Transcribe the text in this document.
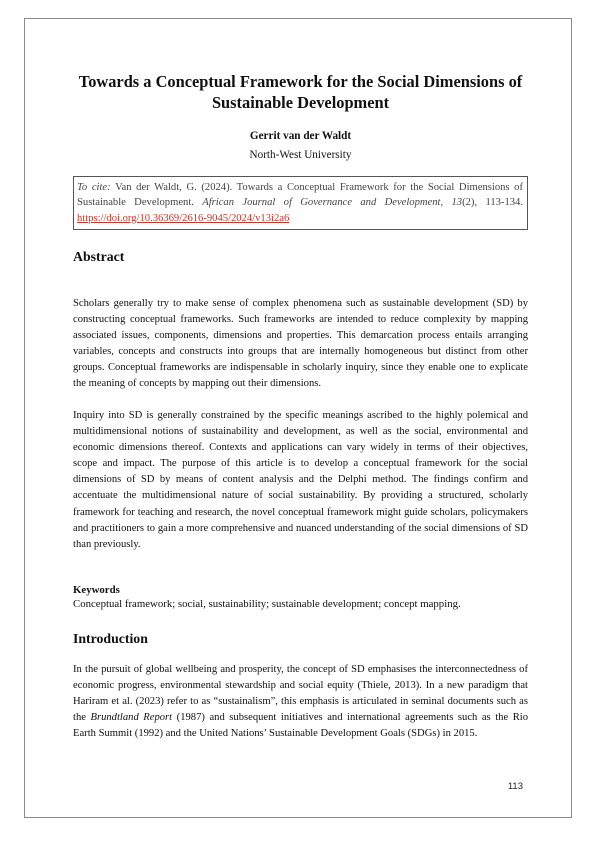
Towards a Conceptual Framework for the Social Dimensions of Sustainable Development
Gerrit van der Waldt
North-West University
To cite: Van der Waldt, G. (2024). Towards a Conceptual Framework for the Social Dimensions of Sustainable Development. African Journal of Governance and Development, 13(2), 113-134. https://doi.org/10.36369/2616-9045/2024/v13i2a6
Abstract
Scholars generally try to make sense of complex phenomena such as sustainable development (SD) by constructing conceptual frameworks. Such frameworks are intended to reduce complexity by mapping associated issues, components, dimensions and properties. This demarcation process entails arranging variables, concepts and constructs into groups that are internally homogeneous but distinct from other groups. Conceptual frameworks are indispensable in scholarly inquiry, since they enable one to explicate the meaning of concepts by mapping out their dimensions.
Inquiry into SD is generally constrained by the specific meanings ascribed to the highly polemical and multidimensional notions of sustainability and development, as well as the social, environmental and economic dimensions thereof. Contexts and applications can vary widely in terms of their objectives, scope and impact. The purpose of this article is to develop a conceptual framework for the social dimensions of SD by means of content analysis and the Delphi method. The findings confirm and accentuate the multidimensional nature of social sustainability. By providing a structured, scholarly framework for teaching and research, the novel conceptual framework might guide scholars, policymakers and practitioners to gain a more comprehensive and nuanced understanding of the social dimensions of SD than previously.
Keywords
Conceptual framework; social, sustainability; sustainable development; concept mapping.
Introduction
In the pursuit of global wellbeing and prosperity, the concept of SD emphasises the interconnectedness of economic progress, environmental stewardship and social equity (Thiele, 2013). In a new paradigm that Hariram et al. (2023) refer to as “sustainalism”, this emphasis is articulated in seminal documents such as the Brundtland Report (1987) and subsequent initiatives and international agreements such as the Rio Earth Summit (1992) and the United Nations’ Sustainable Development Goals (SDGs) in 2015.
113
